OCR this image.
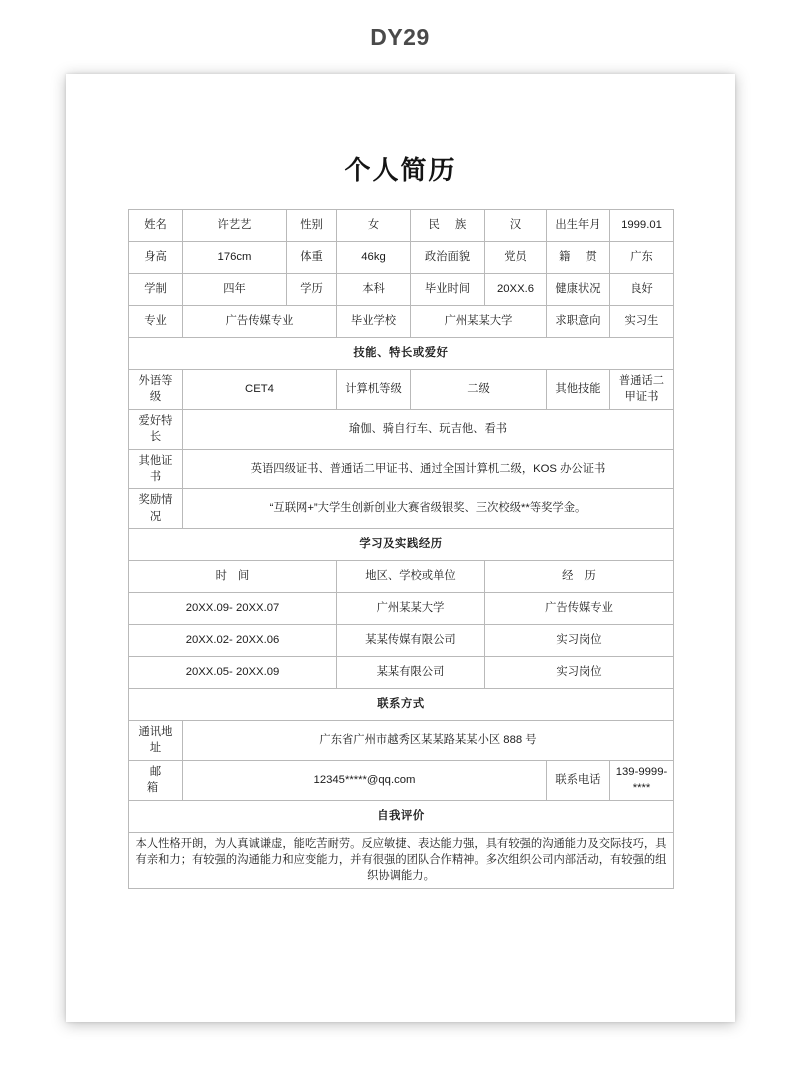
DY29
个人简历
姓名	许艺艺	性别	女	民 族	汉	出生年月	1999.01
身高	176cm	体重	46kg	政治面貌	党员	籍 贯	广东
学制	四年	学历	本科	毕业时间	20XX.6	健康状况	良好
专业	广告传媒专业		毕业学校	广州某某大学		求职意向	实习生
技能、特长或爱好							
外语等级	CET4		计算机等级	二级		其他技能	普通话二甲证书
爱好特长	瑜伽、骑自行车、玩吉他、看书						
其他证书	英语四级证书、普通话二甲证书、通过全国计算机二级，KOS 办公证书						
奖励情况	“互联网+”大学生创新创业大赛省级银奖、三次校级**等奖学金。						
学习及实践经历							
时 间			地区、学校或单位		经 历		
20XX.09- 20XX.07			广州某某大学		广告传媒专业		
20XX.02- 20XX.06			某某传媒有限公司		实习岗位		
20XX.05- 20XX.09			某某有限公司		实习岗位		
联系方式							
通讯地址	广东省广州市越秀区某某路某某小区 888 号						
邮 箱	12345*****@qq.com					联系电话	139-9999-****
自我评价							
本人性格开朗，为人真诚谦虚，能吃苦耐劳。反应敏捷、表达能力强，具有较强的沟通能力及交际技巧，具有亲和力；有较强的沟通能力和应变能力，并有很强的团队合作精神。多次组织公司内部活动，有较强的组织协调能力。							
